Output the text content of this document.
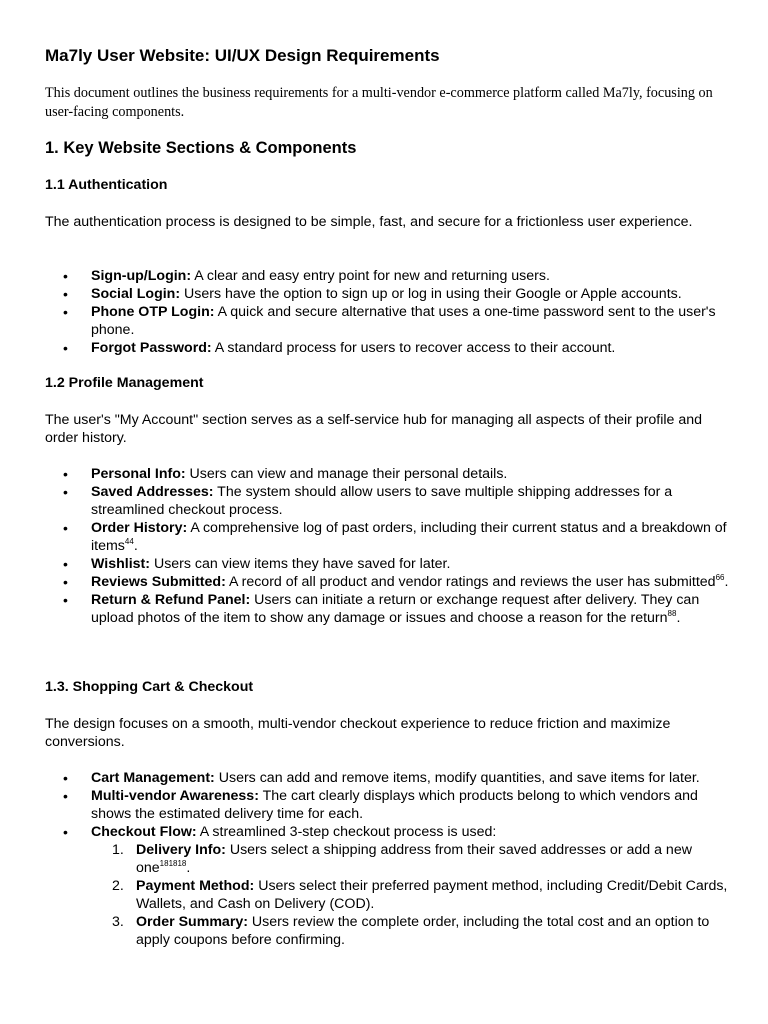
Ma7ly User Website: UI/UX Design Requirements

This document outlines the business requirements for a multi-vendor e-commerce platform called Ma7ly, focusing on user-facing components.

1. Key Website Sections & Components
1.1 Authentication

The authentication process is designed to be simple, fast, and secure for a frictionless user experience.

• Sign-up/Login: A clear and easy entry point for new and returning users.
• Social Login: Users have the option to sign up or log in using their Google or Apple accounts.
• Phone OTP Login: A quick and secure alternative that uses a one-time password sent to the user's phone.
• Forgot Password: A standard process for users to recover access to their account.
1.2 Profile Management

The user's "My Account" section serves as a self-service hub for managing all aspects of their profile and order history.

• Personal Info: Users can view and manage their personal details.
• Saved Addresses: The system should allow users to save multiple shipping addresses for a streamlined checkout process.
• Order History: A comprehensive log of past orders, including their current status and a breakdown of items$^{44}$.
• Wishlist: Users can view items they have saved for later.
• Reviews Submitted: A record of all product and vendor ratings and reviews the user has submitted$^{66}$.
• Return & Refund Panel: Users can initiate a return or exchange request after delivery. They can upload photos of the item to show any damage or issues and choose a reason for the return$^{88}$.
1.3. Shopping Cart & Checkout

The design focuses on a smooth, multi-vendor checkout experience to reduce friction and maximize conversions.

• Cart Management: Users can add and remove items, modify quantities, and save items for later.
• Multi-vendor Awareness: The cart clearly displays which products belong to which vendors and shows the estimated delivery time for each.
• Checkout Flow: A streamlined 3-step checkout process is used:
1. Delivery Info: Users select a shipping address from their saved addresses or add a new one$^{181818}$.
2. Payment Method: Users select their preferred payment method, including Credit/Debit Cards, Wallets, and Cash on Delivery (COD).
3. Order Summary: Users review the complete order, including the total cost and an option to apply coupons before confirming.
